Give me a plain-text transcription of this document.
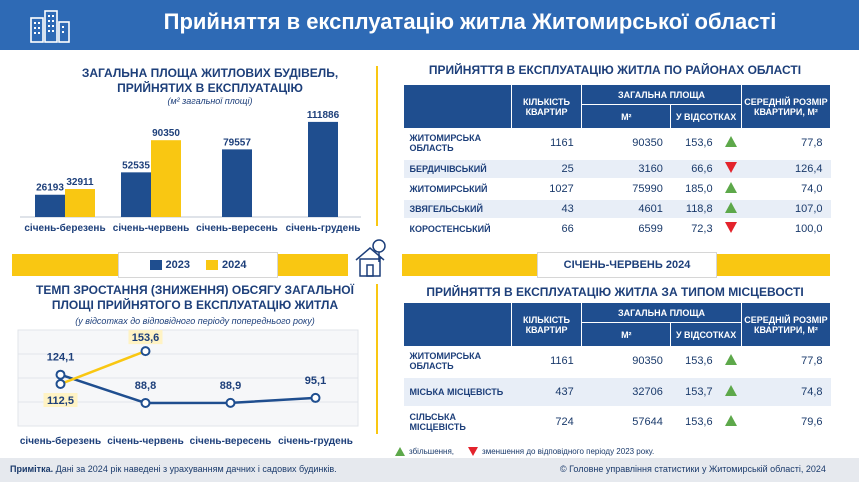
Прийняття в експлуатацію житла Житомирської області
ЗАГАЛЬНА ПЛОЩА ЖИТЛОВИХ БУДІВЕЛЬ, ПРИЙНЯТИХ В ЕКСПЛУАТАЦІЮ
(м² загальної площі)
26193
32911
січень-березень
52535
90350
січень-червень
79557
січень-вересень
111886
січень-грудень
2023	2024	СІЧЕНЬ-ЧЕРВЕНЬ 2024
ТЕМП ЗРОСТАННЯ (ЗНИЖЕННЯ) ОБСЯГУ ЗАГАЛЬНОЇ ПЛОЩІ ПРИЙНЯТОГО В ЕКСПЛУАТАЦІЮ ЖИТЛА
(у відсотках до відповідного періоду попереднього року)
124,1
88,8	88,9	95,1
112,5
153,6
січень-березень січень-червень січень-вересень січень-грудень
ПРИЙНЯТТЯ В ЕКСПЛУАТАЦІЮ ЖИТЛА ПО РАЙОНАХ ОБЛАСТІ
	КІЛЬКІСТЬ КВАРТИР	ЗАГАЛЬНА ПЛОЩА			СЕРЕДНІЙ РОЗМІР КВАРТИРИ, М²
		М²	У ВІДСОТКАХ		
ЖИТОМИРСЬКА ОБЛАСТЬ	1161	90350	153,6		77,8
БЕРДИЧІВСЬКИЙ	25	3160	66,6		126,4
ЖИТОМИРСЬКИЙ	1027	75990	185,0		74,0
ЗВЯГЕЛЬСЬКИЙ	43	4601	118,8		107,0
КОРОСТЕНСЬКИЙ	66	6599	72,3		100,0
ПРИЙНЯТТЯ В ЕКСПЛУАТАЦІЮ ЖИТЛА ЗА ТИПОМ МІСЦЕВОСТІ
	КІЛЬКІСТЬ КВАРТИР	ЗАГАЛЬНА ПЛОЩА			СЕРЕДНІЙ РОЗМІР КВАРТИРИ, М²
		М²	У ВІДСОТКАХ		
ЖИТОМИРСЬКА ОБЛАСТЬ	1161	90350	153,6		77,8
МІСЬКА МІСЦЕВІСТЬ	437	32706	153,7		74,8
СІЛЬСЬКА МІСЦЕВІСТЬ	724	57644	153,6		79,6
збільшення,	зменшення до відповідного періоду 2023 року.
Примітка. Дані за 2024 рік наведені з урахуванням дачних і садових будинків.	© Головне управління статистики у Житомирській області, 2024
